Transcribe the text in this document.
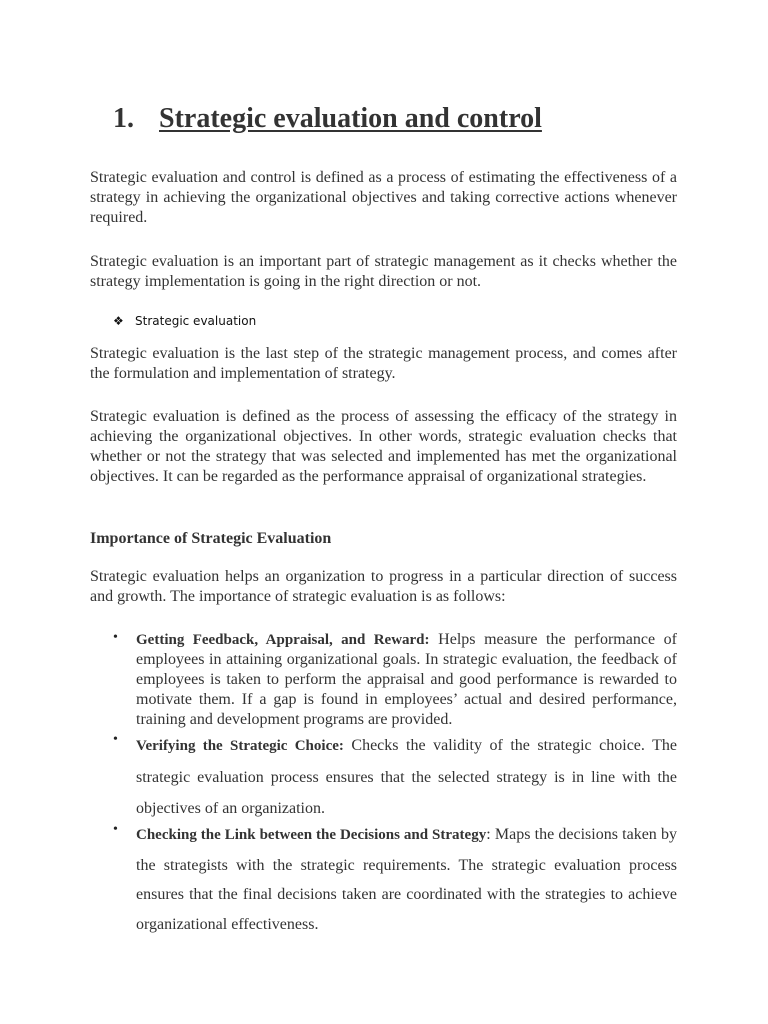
1. Strategic evaluation and control

Strategic evaluation and control is defined as a process of estimating the effectiveness of a strategy in achieving the organizational objectives and taking corrective actions whenever required.

Strategic evaluation is an important part of strategic management as it checks whether the strategy implementation is going in the right direction or not.

❖ Strategic evaluation

Strategic evaluation is the last step of the strategic management process, and comes after the formulation and implementation of strategy.

Strategic evaluation is defined as the process of assessing the efficacy of the strategy in achieving the organizational objectives. In other words, strategic evaluation checks that whether or not the strategy that was selected and implemented has met the organizational objectives. It can be regarded as the performance appraisal of organizational strategies.

Importance of Strategic Evaluation

Strategic evaluation helps an organization to progress in a particular direction of success and growth. The importance of strategic evaluation is as follows:

• Getting Feedback, Appraisal, and Reward: Helps measure the performance of employees in attaining organizational goals. In strategic evaluation, the feedback of employees is taken to perform the appraisal and good performance is rewarded to motivate them. If a gap is found in employees’ actual and desired performance, training and development programs are provided.

• Verifying the Strategic Choice: Checks the validity of the strategic choice. The strategic evaluation process ensures that the selected strategy is in line with the objectives of an organization.

• Checking the Link between the Decisions and Strategy: Maps the decisions taken by the strategists with the strategic requirements. The strategic evaluation process ensures that the final decisions taken are coordinated with the strategies to achieve organizational effectiveness.
